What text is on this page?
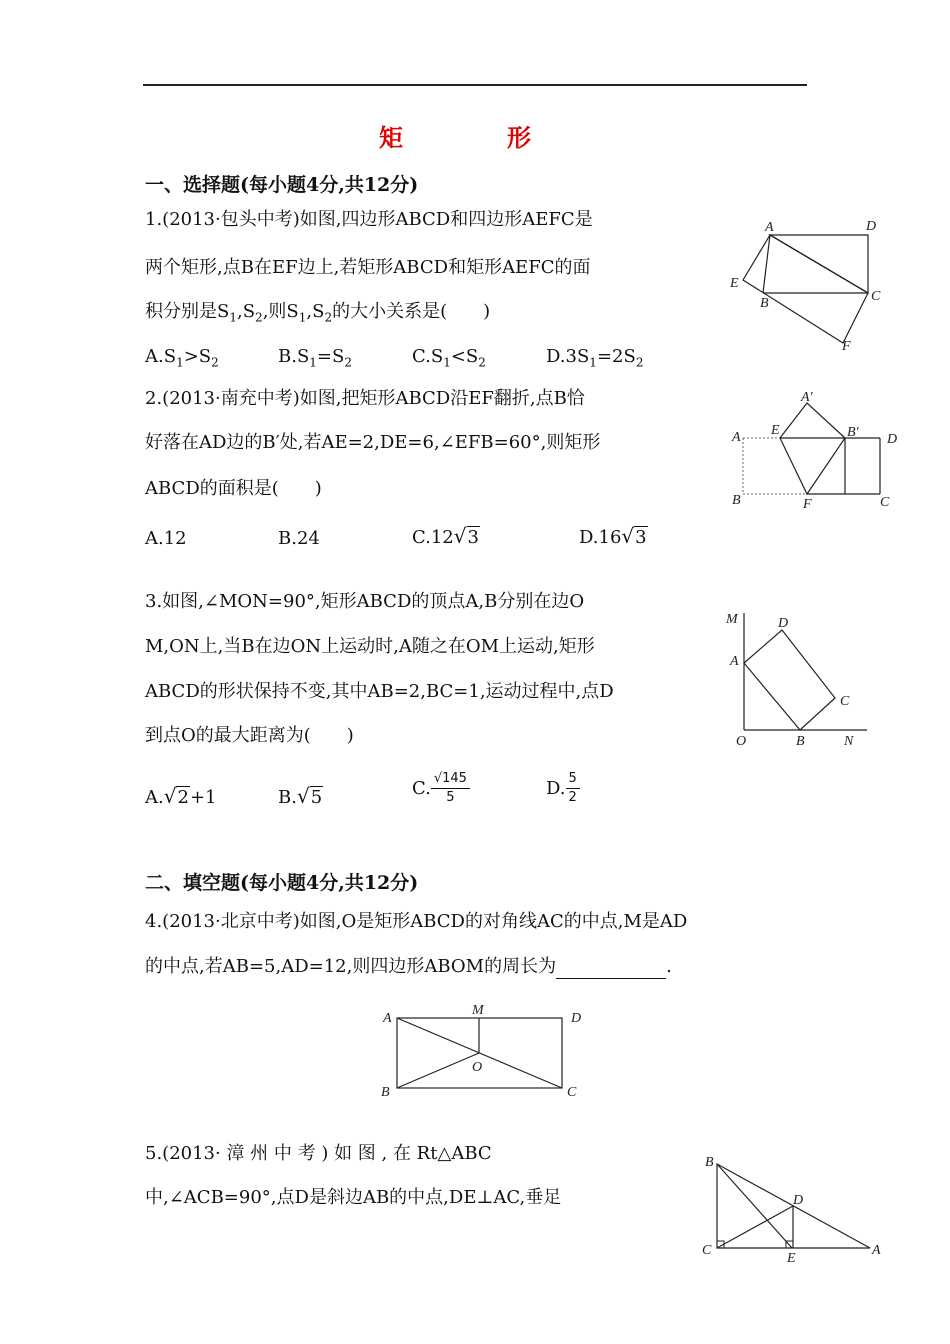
矩　形
一、选择题(每小题4分,共12分)
1.(2013·包头中考)如图,四边形ABCD和四边形AEFC是
两个矩形,点B在EF边上,若矩形ABCD和矩形AEFC的面
积分别是$S_1,S_2$,则$S_1,S_2$的大小关系是(　　)
$A.S_1>S_2$	$B.S_1=S_2$	$C.S_1<S_2$	$D.3S_1=2S_2$
A	D
E
B	C
F
2.(2013·南充中考)如图,把矩形ABCD沿EF翻折,点B恰
好落在AD边的B′处,若AE=2,DE=6,∠EFB=60°,则矩形
ABCD的面积是(　　)
A.12	B.24	C.12√3	D.16√3
A′
A E	B′ D
B	F	C
3.如图,∠MON=90°,矩形ABCD的顶点A,B分别在边O
M,ON上,当B在边ON上运动时,A随之在OM上运动,矩形
ABCD的形状保持不变,其中AB=2,BC=1,运动过程中,点D
到点O的最大距离为(　　)
A.√2+1	B.√5	C. $\frac{√145}{5}$	D. $\frac{5}{2}$
M	D
A
C
O	B	N
二、填空题(每小题4分,共12分)
4.(2013·北京中考)如图,O是矩形ABCD的对角线AC的中点,M是AD
的中点,若AB=5,AD=12,则四边形ABOM的周长为	.
A
M
D
O
B	C
5.(2013· 漳 州 中 考 ) 如 图 , 在 Rt△ABC
中,∠ACB=90°,点D是斜边AB的中点,DE⊥AC,垂足
B
D
C
E
A
